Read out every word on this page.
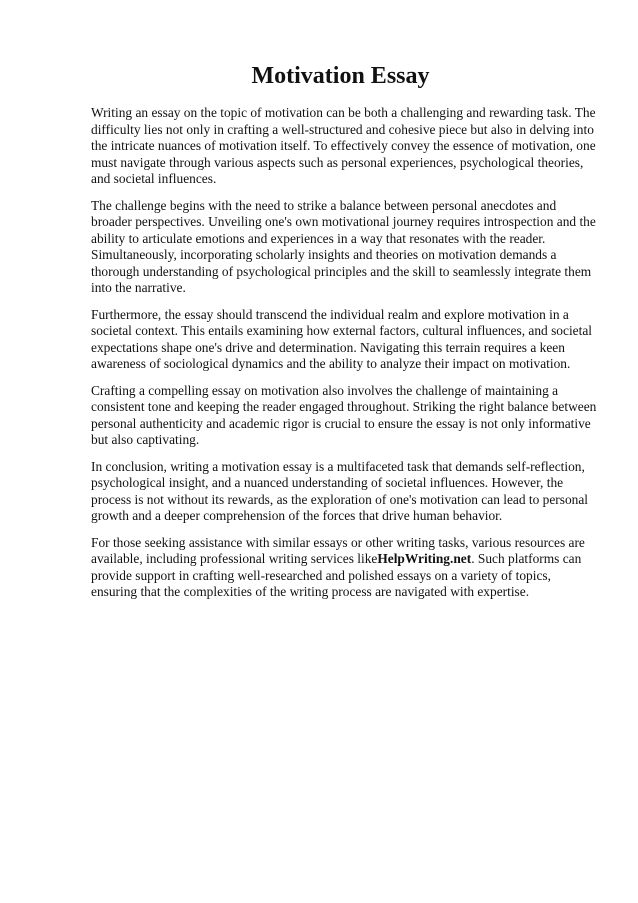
Motivation Essay

Writing an essay on the topic of motivation can be both a challenging and rewarding task. The difficulty lies not only in crafting a well-structured and cohesive piece but also in delving into the intricate nuances of motivation itself. To effectively convey the essence of motivation, one must navigate through various aspects such as personal experiences, psychological theories, and societal influences.

The challenge begins with the need to strike a balance between personal anecdotes and broader perspectives. Unveiling one's own motivational journey requires introspection and the ability to articulate emotions and experiences in a way that resonates with the reader. Simultaneously, incorporating scholarly insights and theories on motivation demands a thorough understanding of psychological principles and the skill to seamlessly integrate them into the narrative.

Furthermore, the essay should transcend the individual realm and explore motivation in a societal context. This entails examining how external factors, cultural influences, and societal expectations shape one's drive and determination. Navigating this terrain requires a keen awareness of sociological dynamics and the ability to analyze their impact on motivation.

Crafting a compelling essay on motivation also involves the challenge of maintaining a consistent tone and keeping the reader engaged throughout. Striking the right balance between personal authenticity and academic rigor is crucial to ensure the essay is not only informative but also captivating.

In conclusion, writing a motivation essay is a multifaceted task that demands self-reflection, psychological insight, and a nuanced understanding of societal influences. However, the process is not without its rewards, as the exploration of one's motivation can lead to personal growth and a deeper comprehension of the forces that drive human behavior.

For those seeking assistance with similar essays or other writing tasks, various resources are available, including professional writing services likeHelpWriting.net. Such platforms can provide support in crafting well-researched and polished essays on a variety of topics, ensuring that the complexities of the writing process are navigated with expertise.
